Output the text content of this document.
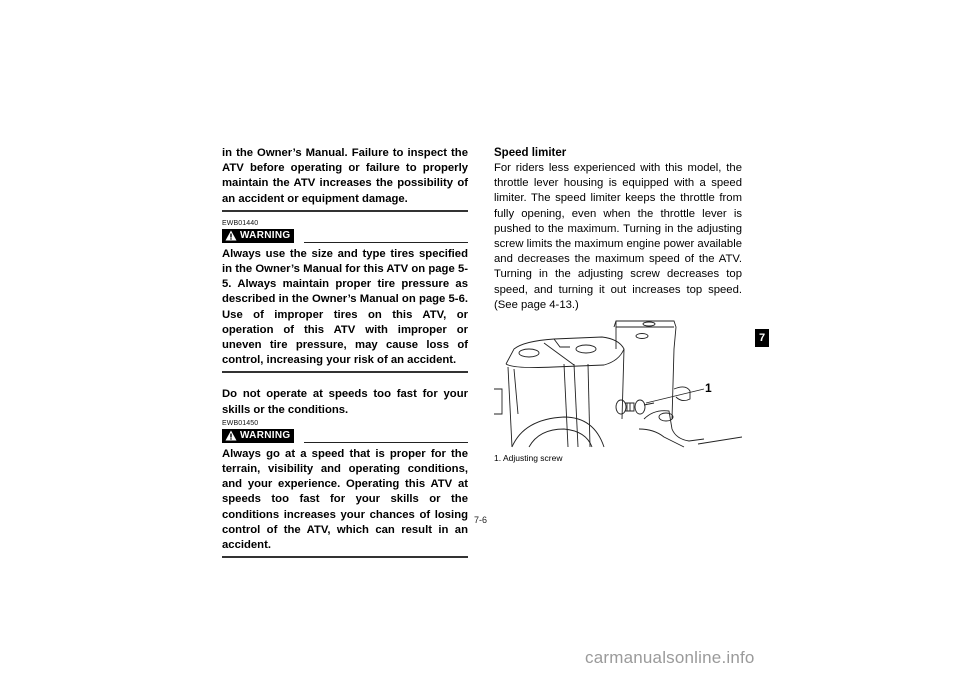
in the Owner’s Manual. Failure to inspect the ATV before operating or failure to properly maintain the ATV increases the possibility of an accident or equipment damage.

EWB01440
WARNING

Always use the size and type tires specified in the Owner’s Manual for this ATV on page 5-5. Always maintain proper tire pressure as described in the Owner’s Manual on page 5-6. Use of improper tires on this ATV, or operation of this ATV with improper or uneven tire pressure, may cause loss of control, increasing your risk of an accident.

Do not operate at speeds too fast for your skills or the conditions.

EWB01450
WARNING

Always go at a speed that is proper for the terrain, visibility and operating conditions, and your experience. Operating this ATV at speeds too fast for your skills or the conditions increases your chances of losing control of the ATV, which can result in an accident.

Speed limiter

For riders less experienced with this model, the throttle lever housing is equipped with a speed limiter. The speed limiter keeps the throttle from fully opening, even when the throttle lever is pushed to the maximum. Turning in the adjusting screw limits the maximum engine power available and decreases the maximum speed of the ATV. Turning in the adjusting screw decreases top speed, and turning it out increases top speed. (See page 4-13.)

1
1. Adjusting screw
7
7-6
carmanualsonline.info
